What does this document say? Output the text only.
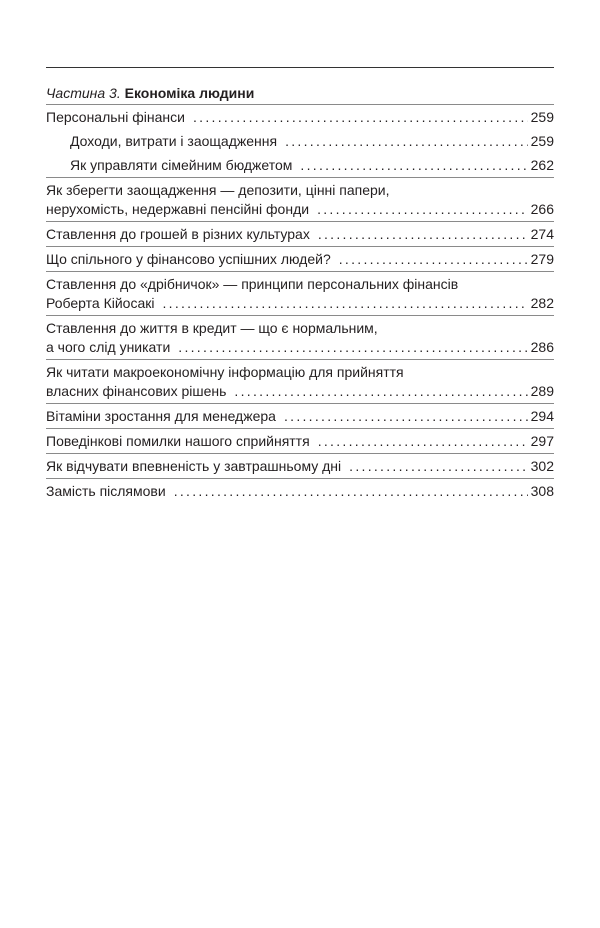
Частина 3. Економіка людини
Персональні фінанси . . .	259
Доходи, витрати і заощадження . . .	259
Як управляти сімейним бюджетом . . .	262
Як зберегти заощадження — депозити, цінні папери,
нерухомість, недержавні пенсійні фонди . . .	266
Ставлення до грошей в різних культурах . . .	274
Що спільного у фінансово успішних людей? . . .	279
Ставлення до «дрібничок» — принципи персональних фінансів
Роберта Кійосакі . . .	282
Ставлення до життя в кредит — що є нормальним,
а чого слід уникати . . .	286
Як читати макроекономічну інформацію для прийняття
власних фінансових рішень . . .	289
Вітаміни зростання для менеджера . . .	294
Поведінкові помилки нашого сприйняття . . .	297
Як відчувати впевненість у завтрашньому дні . . .	302
Замість післямови . . .	308
